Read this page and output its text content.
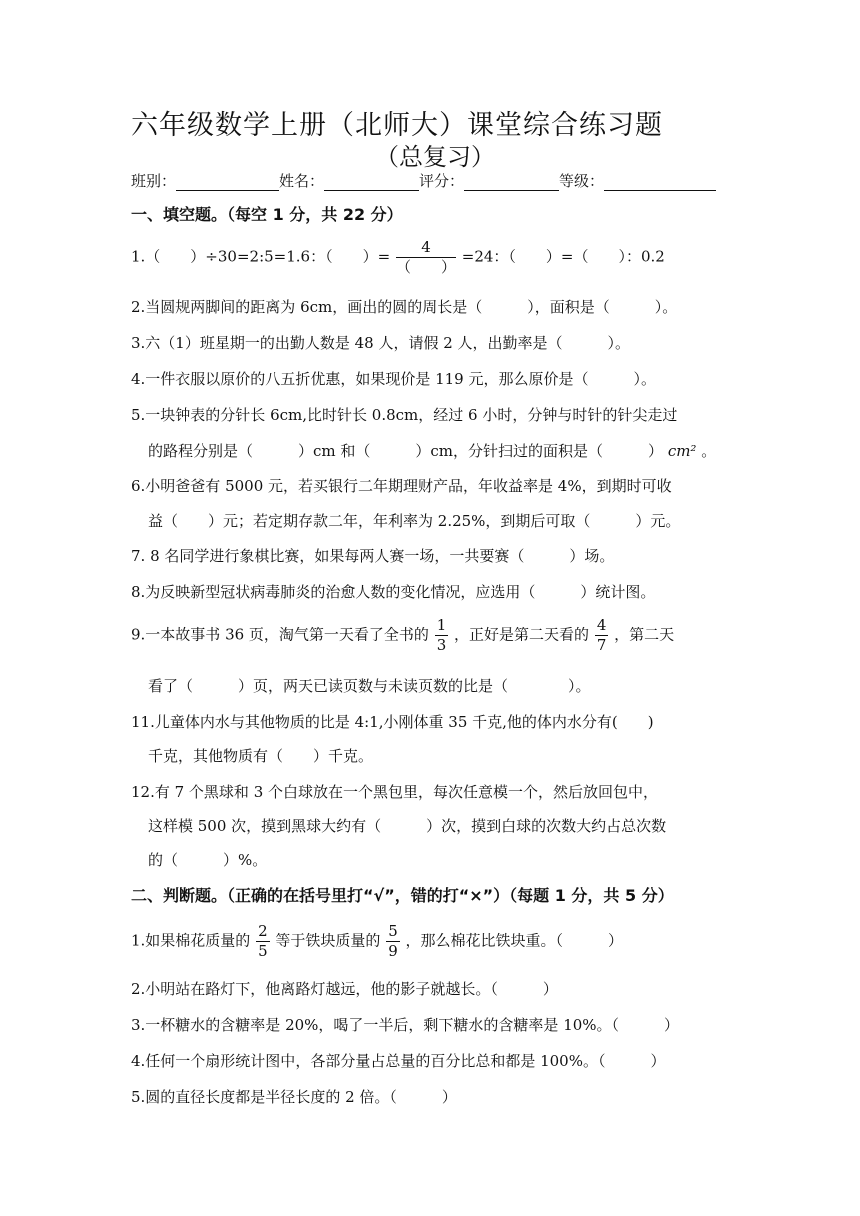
六年级数学上册（北师大）课堂综合练习题
（总复习）
班别：	姓名：	评分：	等级：
一、填空题。（每空 1 分，共 22 分）
1.（　　）÷30=2:5=1.6：（　　）= $\frac{4}{( )} =24$：（　　）=（　　）：0.2
2.当圆规两脚间的距离为 6cm，画出的圆的周长是（　　　），面积是（　　　）。
3.六（1）班星期一的出勤人数是 48 人，请假 2 人，出勤率是（　　　）。
4.一件衣服以原价的八五折优惠，如果现价是 119 元，那么原价是（　　　）。
5.一块钟表的分针长 6cm,比时针长 0.8cm，经过 6 小时，分钟与时针的针尖走过
的路程分别是（　　　）cm 和（　　　）cm，分针扫过的面积是（　　　） cm² 。
6.小明爸爸有 5000 元，若买银行二年期理财产品，年收益率是 4%，到期时可收
益（　　）元；若定期存款二年，年利率为 2.25%，到期后可取（　　　）元。
7. 8 名同学进行象棋比赛，如果每两人赛一场，一共要赛（　　　）场。
8.为反映新型冠状病毒肺炎的治愈人数的变化情况，应选用（　　　）统计图。
9.一本故事书 36 页，淘气第一天看了全书的 $\frac{1}{3}$ ，正好是第二天看的 $\frac{4}{7}$ ，第二天
看了（　　　）页，两天已读页数与未读页数的比是（　　　　）。
11.儿童体内水与其他物质的比是 4:1,小刚体重 35 千克,他的体内水分有(　　)
千克，其他物质有（　　）千克。
12.有 7 个黑球和 3 个白球放在一个黑包里，每次任意模一个，然后放回包中，
这样模 500 次，摸到黑球大约有（　　　）次，摸到白球的次数大约占总次数
的（　　　）%。
二、判断题。（正确的在括号里打“√”，错的打“×”）（每题 1 分，共 5 分）
1.如果棉花质量的 $\frac{2}{5}$ 等于铁块质量的 $\frac{5}{9}$ ，那么棉花比铁块重。（　　　）
2.小明站在路灯下，他离路灯越远，他的影子就越长。（　　　）
3.一杯糖水的含糖率是 20%，喝了一半后，剩下糖水的含糖率是 10%。（　　　）
4.任何一个扇形统计图中，各部分量占总量的百分比总和都是 100%。（　　　）
5.圆的直径长度都是半径长度的 2 倍。（　　　）
